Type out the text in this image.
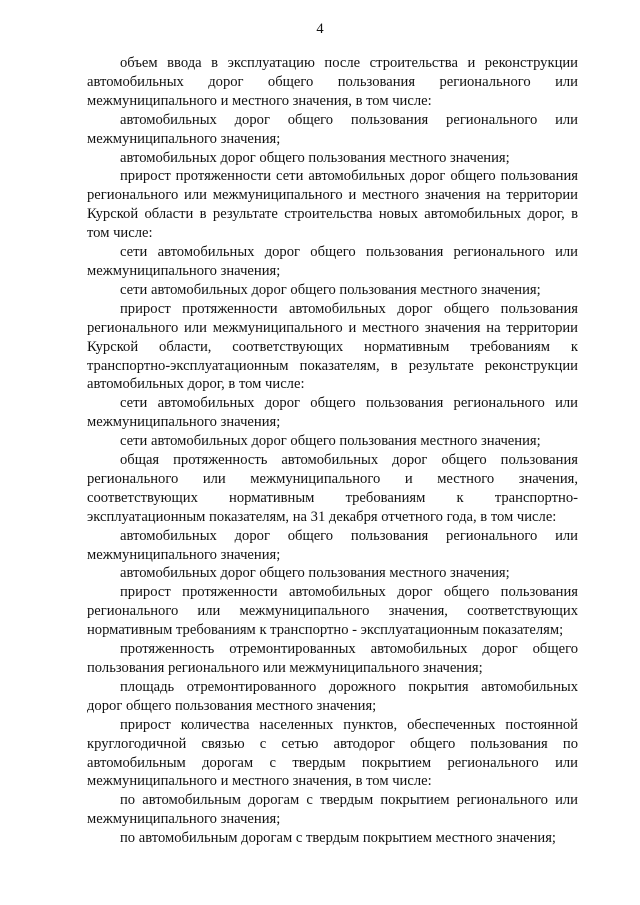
4

объем ввода в эксплуатацию после строительства и реконструкции автомобильных дорог общего пользования регионального или межмуниципального и местного значения, в том числе:

автомобильных дорог общего пользования регионального или межмуниципального значения;

автомобильных дорог общего пользования местного значения;

прирост протяженности сети автомобильных дорог общего пользования регионального или межмуниципального и местного значения на территории Курской области в результате строительства новых автомобильных дорог, в том числе:

сети автомобильных дорог общего пользования регионального или межмуниципального значения;

сети автомобильных дорог общего пользования местного значения;

прирост протяженности автомобильных дорог общего пользования регионального или межмуниципального и местного значения на территории Курской области, соответствующих нормативным требованиям к транспортно-эксплуатационным показателям, в результате реконструкции автомобильных дорог, в том числе:

сети автомобильных дорог общего пользования регионального или межмуниципального значения;

сети автомобильных дорог общего пользования местного значения;

общая протяженность автомобильных дорог общего пользования регионального или межмуниципального и местного значения, соответствующих нормативным требованиям к транспортно-эксплуатационным показателям, на 31 декабря отчетного года, в том числе:

автомобильных дорог общего пользования регионального или межмуниципального значения;

автомобильных дорог общего пользования местного значения;

прирост протяженности автомобильных дорог общего пользования регионального или межмуниципального значения, соответствующих нормативным требованиям к транспортно - эксплуатационным показателям;

протяженность отремонтированных автомобильных дорог общего пользования регионального или межмуниципального значения;

площадь отремонтированного дорожного покрытия автомобильных дорог общего пользования местного значения;

прирост количества населенных пунктов, обеспеченных постоянной круглогодичной связью с сетью автодорог общего пользования по автомобильным дорогам с твердым покрытием регионального или межмуниципального и местного значения, в том числе:

по автомобильным дорогам с твердым покрытием регионального или межмуниципального значения;

по автомобильным дорогам с твердым покрытием местного значения;
